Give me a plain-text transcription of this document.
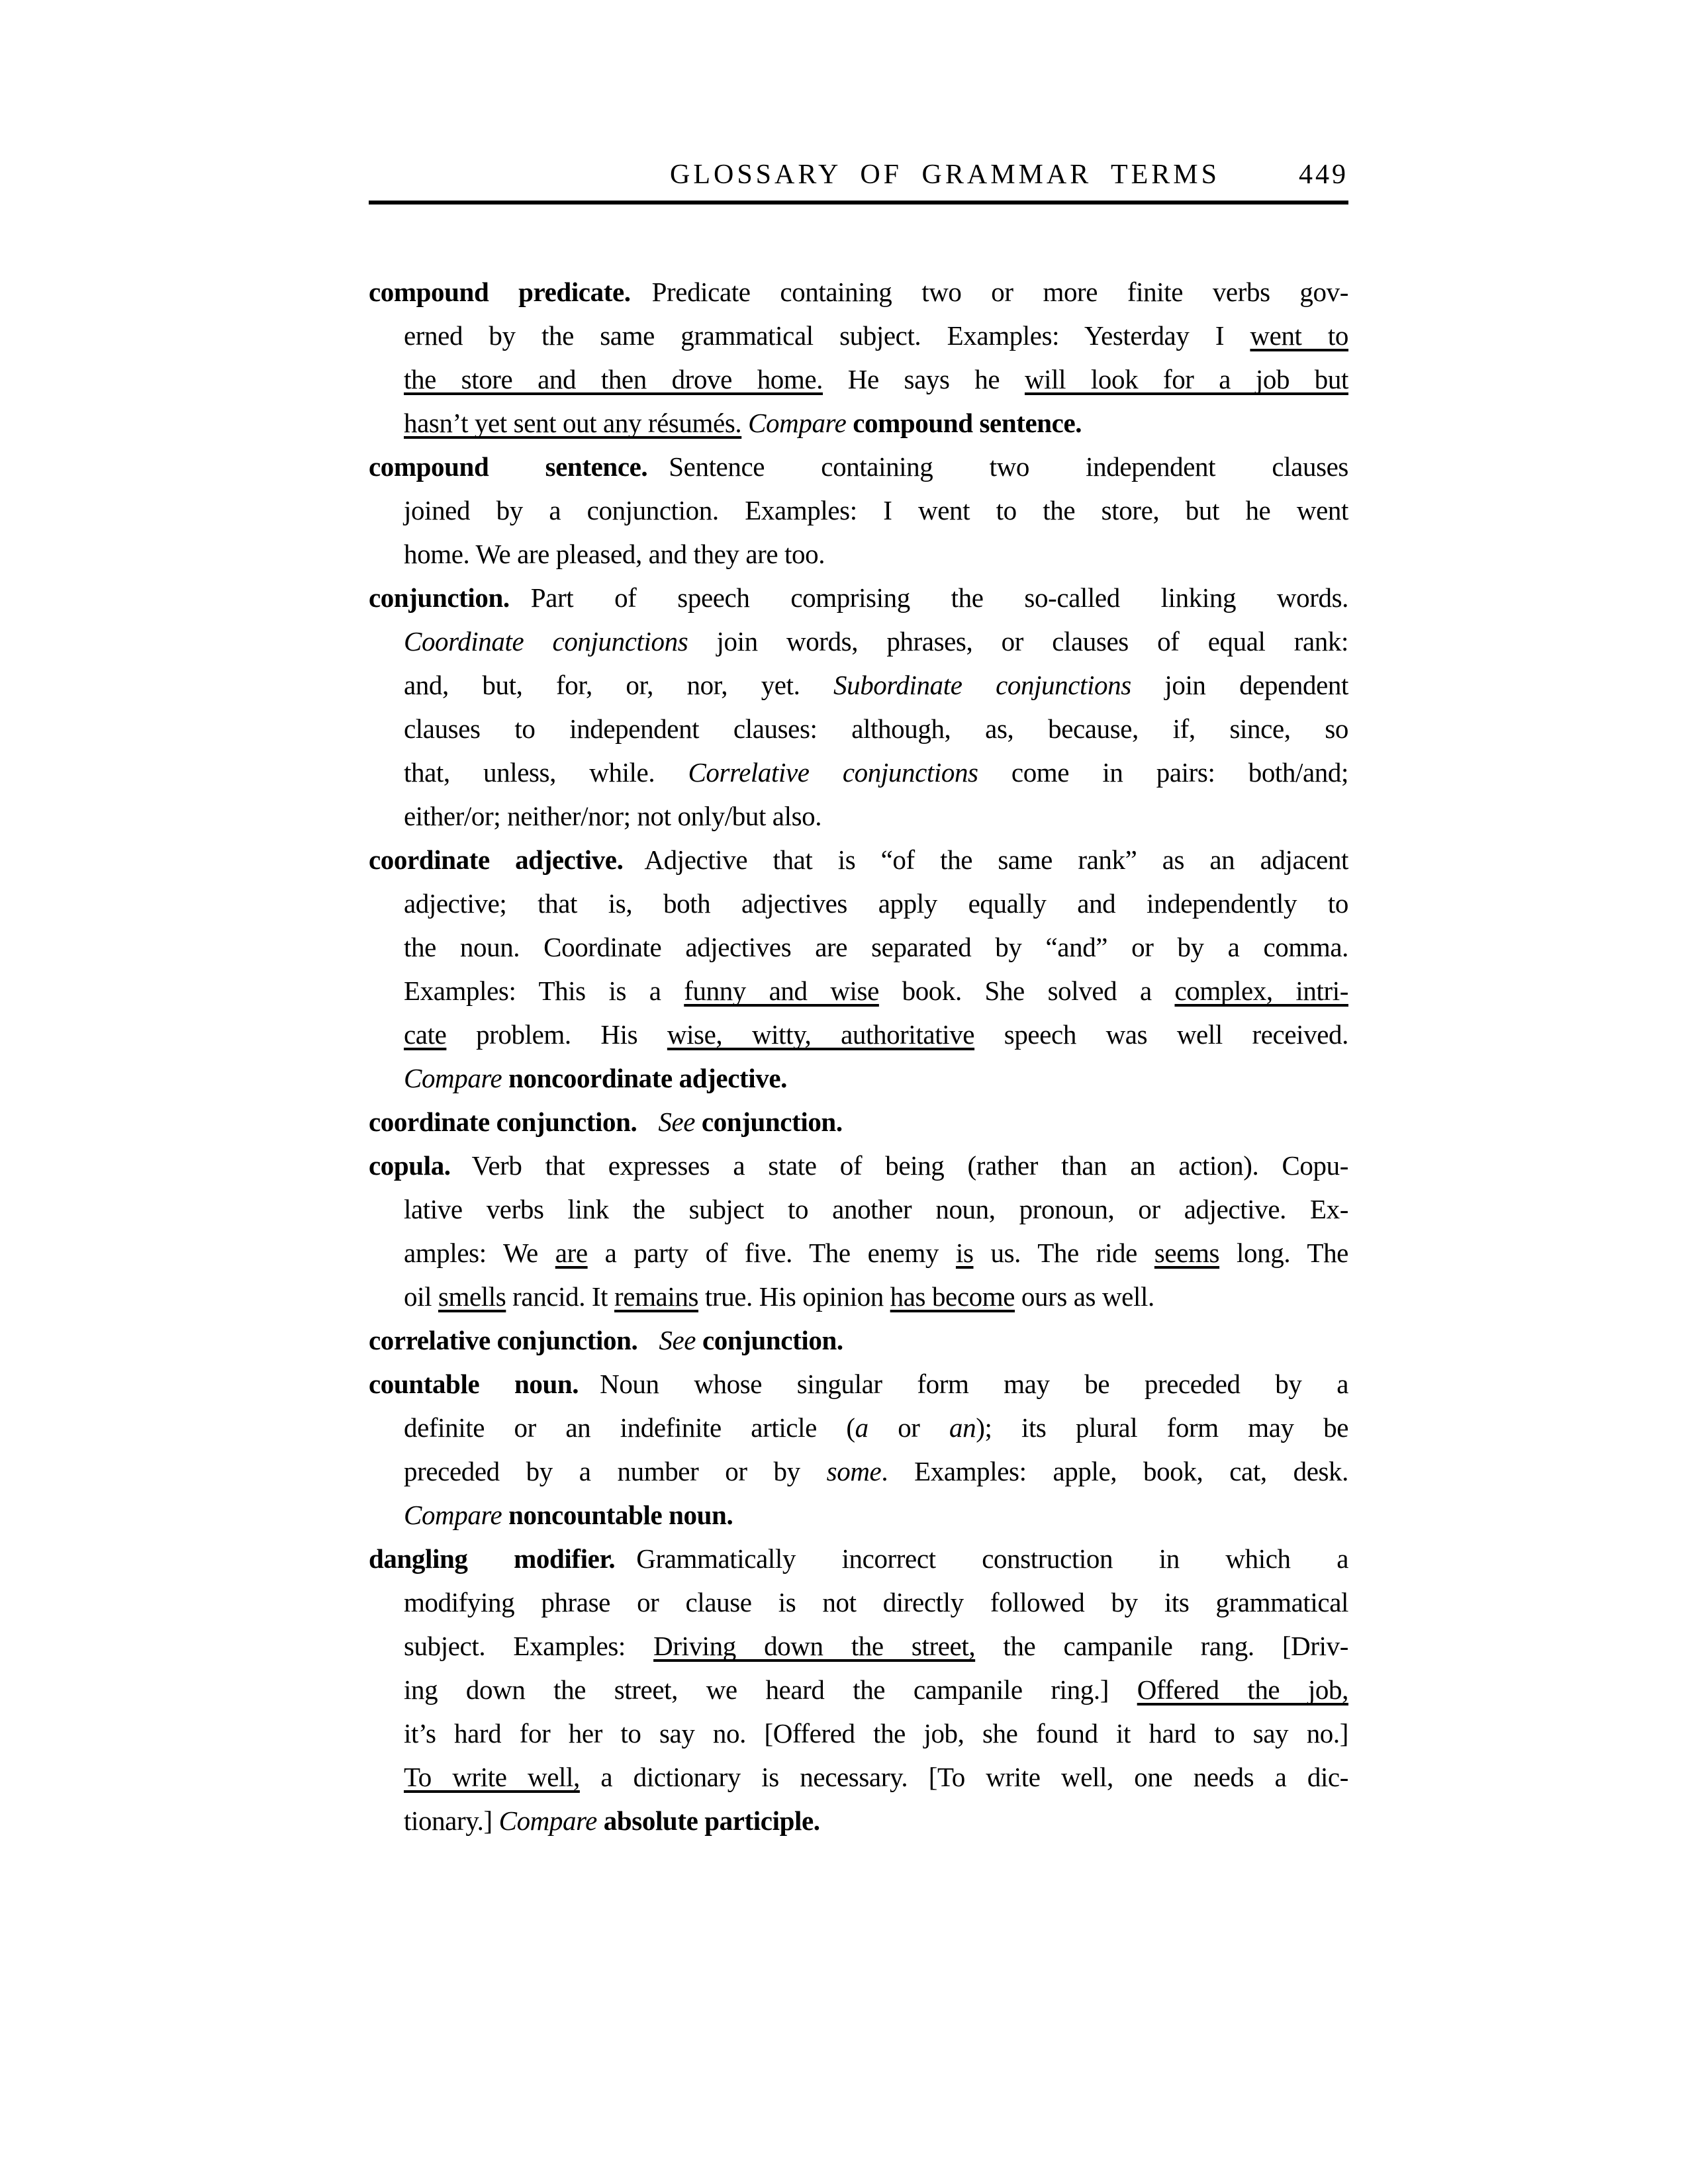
GLOSSARY OF GRAMMAR TERMS	449
compound predicate. Predicate containing two or more finite verbs gov-
erned by the same grammatical subject. Examples: Yesterday I went to
the store and then drove home. He says he will look for a job but
hasn’t yet sent out any résumés. Compare compound sentence.
compound sentence. Sentence containing two independent clauses
joined by a conjunction. Examples: I went to the store, but he went
home. We are pleased, and they are too.
conjunction. Part of speech comprising the so-called linking words.
Coordinate conjunctions join words, phrases, or clauses of equal rank:
and, but, for, or, nor, yet. Subordinate conjunctions join dependent
clauses to independent clauses: although, as, because, if, since, so
that, unless, while. Correlative conjunctions come in pairs: both/and;
either/or; neither/nor; not only/but also.
coordinate adjective. Adjective that is “of the same rank” as an adjacent
adjective; that is, both adjectives apply equally and independently to
the noun. Coordinate adjectives are separated by “and” or by a comma.
Examples: This is a funny and wise book. She solved a complex, intri-
cate problem. His wise, witty, authoritative speech was well received.
Compare noncoordinate adjective.
coordinate conjunction. See conjunction.
copula. Verb that expresses a state of being (rather than an action). Copu-
lative verbs link the subject to another noun, pronoun, or adjective. Ex-
amples: We are a party of five. The enemy is us. The ride seems long. The
oil smells rancid. It remains true. His opinion has become ours as well.
correlative conjunction. See conjunction.
countable noun. Noun whose singular form may be preceded by a
definite or an indefinite article (a or an); its plural form may be
preceded by a number or by some. Examples: apple, book, cat, desk.
Compare noncountable noun.
dangling modifier. Grammatically incorrect construction in which a
modifying phrase or clause is not directly followed by its grammatical
subject. Examples: Driving down the street, the campanile rang. [Driv-
ing down the street, we heard the campanile ring.] Offered the job,
it’s hard for her to say no. [Offered the job, she found it hard to say no.]
To write well, a dictionary is necessary. [To write well, one needs a dic-
tionary.] Compare absolute participle.
